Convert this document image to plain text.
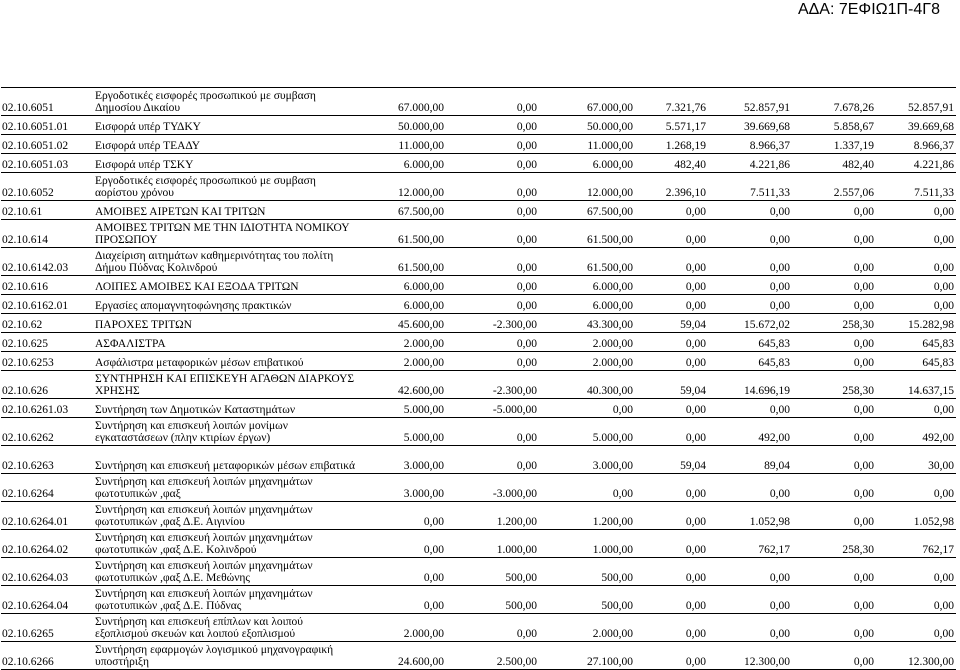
ΑΔΑ: 7ΕΦΙΩ1Π-4Γ8
02.10.6051	Εργοδοτικές εισφορές προσωπικού με συμβαση Δημοσίου Δικαίου	67.000,00	0,00	67.000,00	7.321,76	52.857,91	7.678,26	52.857,91
02.10.6051.01	Εισφορά υπέρ ΤΥΔΚΥ	50.000,00	0,00	50.000,00	5.571,17	39.669,68	5.858,67	39.669,68
02.10.6051.02	Εισφορά υπέρ ΤΕΑΔΥ	11.000,00	0,00	11.000,00	1.268,19	8.966,37	1.337,19	8.966,37
02.10.6051.03	Εισφορά υπέρ ΤΣΚΥ	6.000,00	0,00	6.000,00	482,40	4.221,86	482,40	4.221,86
02.10.6052	Εργοδοτικές εισφορές προσωπικού με συμβαση αορίστου χρόνου	12.000,00	0,00	12.000,00	2.396,10	7.511,33	2.557,06	7.511,33
02.10.61	ΑΜΟΙΒΕΣ ΑΙΡΕΤΩΝ ΚΑΙ ΤΡΙΤΩΝ	67.500,00	0,00	67.500,00	0,00	0,00	0,00	0,00
02.10.614	ΑΜΟΙΒΕΣ ΤΡΙΤΩΝ ΜΕ ΤΗΝ ΙΔΙΟΤΗΤΑ ΝΟΜΙΚΟΥ ΠΡΟΣΩΠΟΥ	61.500,00	0,00	61.500,00	0,00	0,00	0,00	0,00
02.10.6142.03	Διαχείριση αιτημάτων καθημερινότητας του πολίτη Δήμου Πύδνας Κολινδρού	61.500,00	0,00	61.500,00	0,00	0,00	0,00	0,00
02.10.616	ΛΟΙΠΕΣ ΑΜΟΙΒΕΣ ΚΑΙ ΕΞΟΔΑ ΤΡΙΤΩΝ	6.000,00	0,00	6.000,00	0,00	0,00	0,00	0,00
02.10.6162.01	Εργασίες απομαγνητοφώνησης πρακτικών	6.000,00	0,00	6.000,00	0,00	0,00	0,00	0,00
02.10.62	ΠΑΡΟΧΕΣ ΤΡΙΤΩΝ	45.600,00	-2.300,00	43.300,00	59,04	15.672,02	258,30	15.282,98
02.10.625	ΑΣΦΑΛΙΣΤΡΑ	2.000,00	0,00	2.000,00	0,00	645,83	0,00	645,83
02.10.6253	Ασφάλιστρα μεταφορικών μέσων επιβατικού	2.000,00	0,00	2.000,00	0,00	645,83	0,00	645,83
02.10.626	ΣΥΝΤΗΡΗΣΗ ΚΑΙ ΕΠΙΣΚΕΥΗ ΑΓΑΘΩΝ ΔΙΑΡΚΟΥΣ ΧΡΗΣΗΣ	42.600,00	-2.300,00	40.300,00	59,04	14.696,19	258,30	14.637,15
02.10.6261.03	Συντήρηση των Δημοτικών Καταστημάτων	5.000,00	-5.000,00	0,00	0,00	0,00	0,00	0,00
02.10.6262	Συντήρηση και επισκευή λοιπών μονίμων εγκαταστάσεων (πλην κτιρίων έργων)	5.000,00	0,00	5.000,00	0,00	492,00	0,00	492,00
02.10.6263	Συντήρηση και επισκευή μεταφορικών μέσων επιβατικά	3.000,00	0,00	3.000,00	59,04	89,04	0,00	30,00
02.10.6264	Συντήρηση και επισκευή λοιπών μηχανημάτων φωτοτυπικών ,φαξ	3.000,00	-3.000,00	0,00	0,00	0,00	0,00	0,00
02.10.6264.01	Συντήρηση και επισκευή λοιπών μηχανημάτων φωτοτυπικών ,φαξ Δ.Ε. Αιγινίου	0,00	1.200,00	1.200,00	0,00	1.052,98	0,00	1.052,98
02.10.6264.02	Συντήρηση και επισκευή λοιπών μηχανημάτων φωτοτυπικών ,φαξ Δ.Ε. Κολινδρού	0,00	1.000,00	1.000,00	0,00	762,17	258,30	762,17
02.10.6264.03	Συντήρηση και επισκευή λοιπών μηχανημάτων φωτοτυπικών ,φαξ Δ.Ε. Μεθώνης	0,00	500,00	500,00	0,00	0,00	0,00	0,00
02.10.6264.04	Συντήρηση και επισκευή λοιπών μηχανημάτων φωτοτυπικών ,φαξ Δ.Ε. Πύδνας	0,00	500,00	500,00	0,00	0,00	0,00	0,00
02.10.6265	Συντήρηση και επισκευή επίπλων και λοιπού εξοπλισμού σκευών και λοιπού εξοπλισμού	2.000,00	0,00	2.000,00	0,00	0,00	0,00	0,00
02.10.6266	Συντήρηση εφαρμογών λογισμικού μηχανογραφική υποστήριξη	24.600,00	2.500,00	27.100,00	0,00	12.300,00	0,00	12.300,00
